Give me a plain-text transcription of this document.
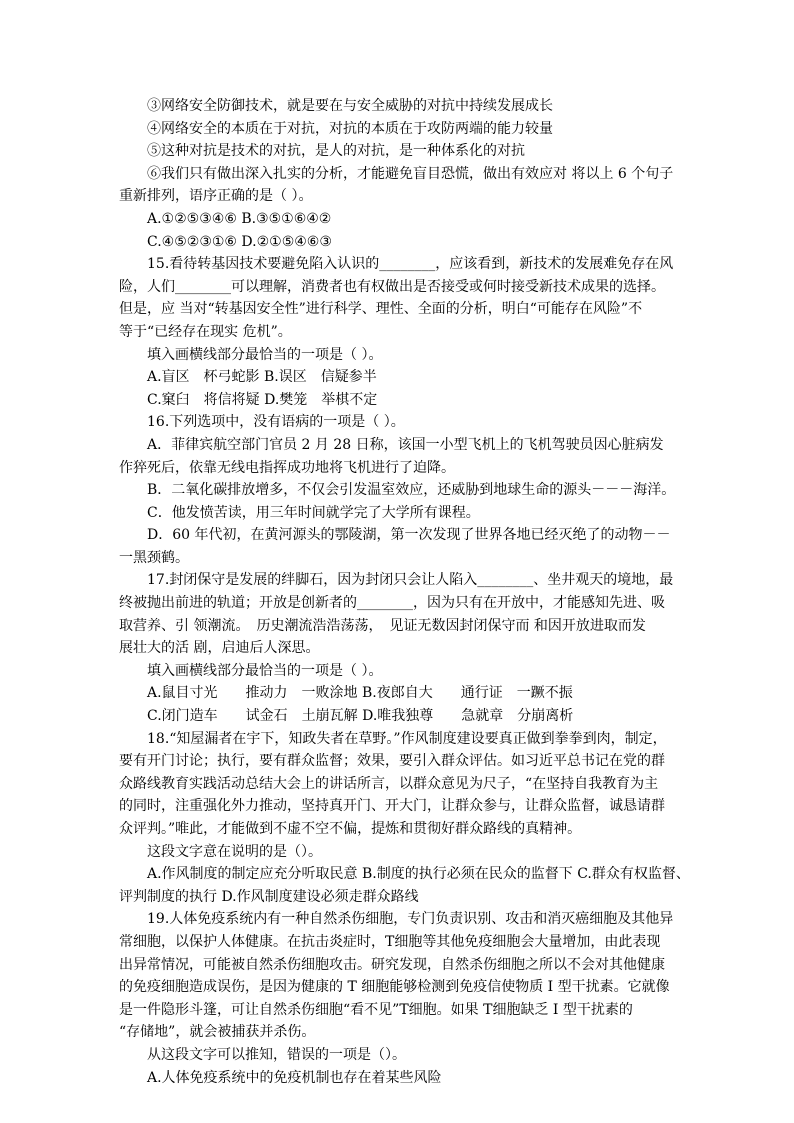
③网络安全防御技术，就是要在与安全威胁的对抗中持续发展成长
④网络安全的本质在于对抗，对抗的本质在于攻防两端的能力较量
⑤这种对抗是技术的对抗，是人的对抗，是一种体系化的对抗
⑥我们只有做出深入扎实的分析，才能避免盲目恐慌，做出有效应对 将以上 6 个句子
重新排列，语序正确的是（ ）。
A.①②⑤③④⑥ B.③⑤①⑥④②
C.④⑤②③①⑥ D.②①⑤④⑥③
15.看待转基因技术要避免陷入认识的________，应该看到，新技术的发展难免存在风
险，人们________可以理解，消费者也有权做出是否接受或何时接受新技术成果的选择。
但是，应 当对“转基因安全性”进行科学、理性、全面的分析，明白“可能存在风险”不
等于“已经存在现实 危机”。
填入画横线部分最恰当的一项是（ ）。
A.盲区　杯弓蛇影 B.误区　信疑参半
C.窠臼　将信将疑 D.樊笼　举棋不定
16.下列选项中，没有语病的一项是（ ）。
A．菲律宾航空部门官员 2 月 28 日称，该国一小型飞机上的飞机驾驶员因心脏病发
作猝死后，依靠无线电指挥成功地将飞机进行了迫降。
B．二氧化碳排放增多，不仅会引发温室效应，还威胁到地球生命的源头－－－海洋。
C．他发愤苦读，用三年时间就学完了大学所有课程。
D．60 年代初，在黄河源头的鄂陵湖，第一次发现了世界各地已经灭绝了的动物－－
一黑颈鹤。
17.封闭保守是发展的绊脚石，因为封闭只会让人陷入________、坐井观天的境地，最
终被抛出前进的轨道；开放是创新者的________，因为只有在开放中，才能感知先进、吸
取营养、引 领潮流。　历史潮流浩浩荡荡，　见证无数因封闭保守而 和因开放进取而发
展壮大的活 剧，启迪后人深思。
填入画横线部分最恰当的一项是（ ）。
A.鼠目寸光　　推动力　一败涂地 B.夜郎自大　　通行证　一蹶不振
C.闭门造车　　试金石　土崩瓦解 D.唯我独尊　　急就章　分崩离析
18.“知屋漏者在宇下，知政失者在草野。”作风制度建设要真正做到拳拳到肉，制定，
要有开门讨论；执行，要有群众监督；效果，要引入群众评估。如习近平总书记在党的群
众路线教育实践活动总结大会上的讲话所言，以群众意见为尺子，“在坚持自我教育为主
的同时，注重强化外力推动，坚持真开门、开大门，让群众参与，让群众监督，诚恳请群
众评判。”唯此，才能做到不虚不空不偏，提炼和贯彻好群众路线的真精神。
这段文字意在说明的是（）。
A.作风制度的制定应充分听取民意 B.制度的执行必须在民众的监督下 C.群众有权监督、
评判制度的执行 D.作风制度建设必须走群众路线
19.人体免疫系统内有一种自然杀伤细胞，专门负责识别、攻击和消灭癌细胞及其他异
常细胞，以保护人体健康。在抗击炎症时，T细胞等其他免疫细胞会大量增加，由此表现
出异常情况，可能被自然杀伤细胞攻击。研究发现，自然杀伤细胞之所以不会对其他健康
的免疫细胞造成误伤，是因为健康的 T 细胞能够检测到免疫信使物质 I 型干扰素。它就像
是一件隐形斗篷，可让自然杀伤细胞“看不见”T细胞。如果 T细胞缺乏 I 型干扰素的
“存储地”，就会被捕获并杀伤。
从这段文字可以推知，错误的一项是（）。
A.人体免疫系统中的免疫机制也存在着某些风险
